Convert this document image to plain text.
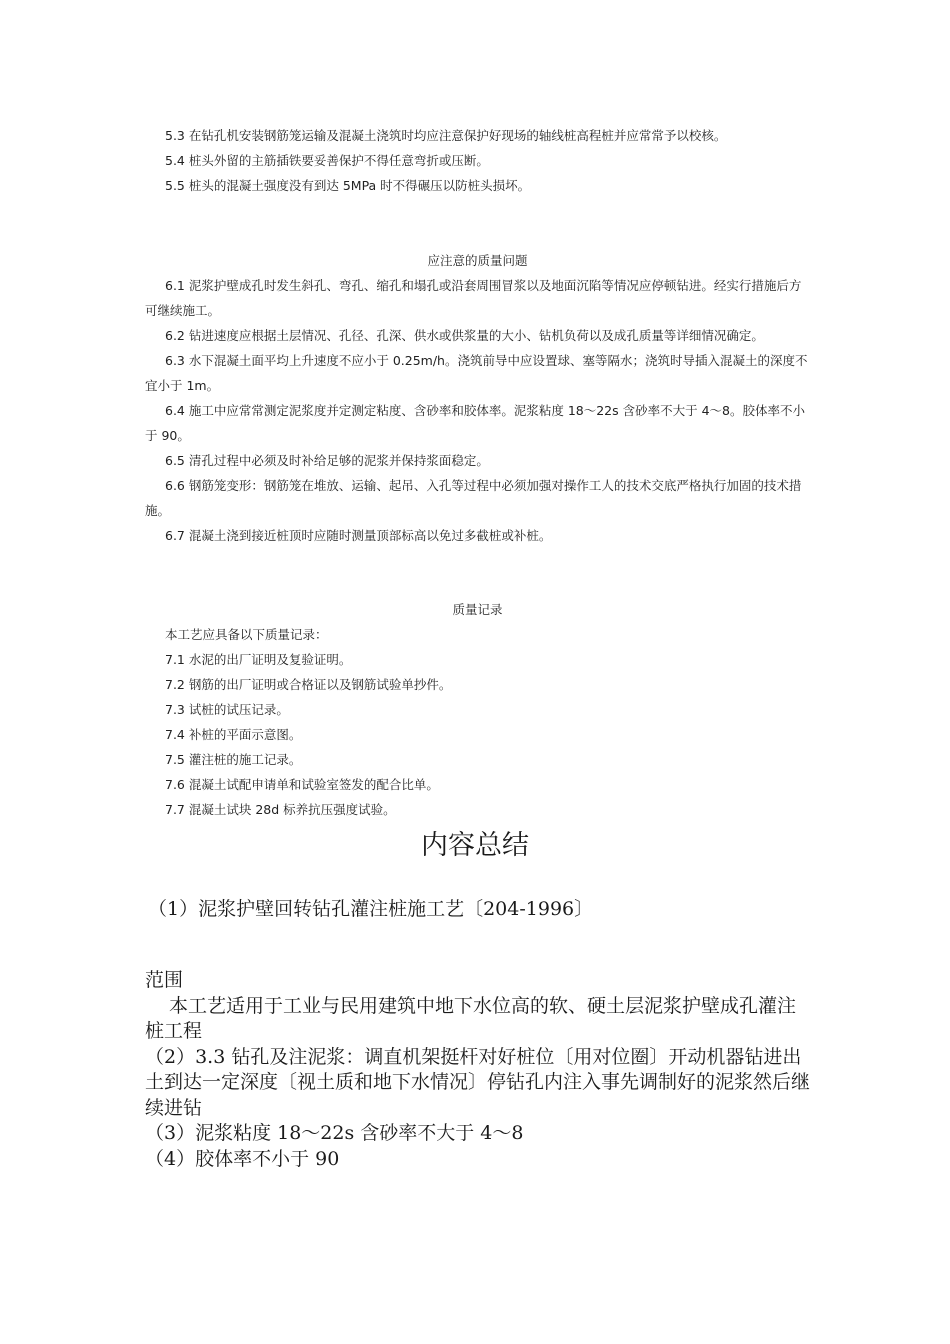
5.3 在钻孔机安装钢筋笼运输及混凝土浇筑时均应注意保护好现场的轴线桩高程桩并应常常予以校核。

5.4 桩头外留的主筋插铁要妥善保护不得任意弯折或压断。

5.5 桩头的混凝土强度没有到达 5MPa 时不得碾压以防桩头损坏。

应注意的质量问题

6.1 泥浆护壁成孔时发生斜孔、弯孔、缩孔和塌孔或沿套周围冒浆以及地面沉陷等情况应停顿钻进。经实行措施后方可继续施工。

6.2 钻进速度应根据土层情况、孔径、孔深、供水或供浆量的大小、钻机负荷以及成孔质量等详细情况确定。

6.3 水下混凝土面平均上升速度不应小于 0.25m/h。浇筑前导中应设置球、塞等隔水；浇筑时导插入混凝土的深度不宜小于 1m。

6.4 施工中应常常测定泥浆度并定测定粘度、含砂率和胶体率。泥浆粘度 18～22s 含砂率不大于 4～8。胶体率不小于 90。

6.5 清孔过程中必须及时补给足够的泥浆并保持浆面稳定。

6.6 钢筋笼变形：钢筋笼在堆放、运输、起吊、入孔等过程中必须加强对操作工人的技术交底严格执行加固的技术措施。

6.7 混凝土浇到接近桩顶时应随时测量顶部标高以免过多截桩或补桩。

质量记录

本工艺应具备以下质量记录：

7.1 水泥的出厂证明及复验证明。

7.2 钢筋的出厂证明或合格证以及钢筋试验单抄件。

7.3 试桩的试压记录。

7.4 补桩的平面示意图。

7.5 灌注桩的施工记录。

7.6 混凝土试配申请单和试验室签发的配合比单。

7.7 混凝土试块 28d 标养抗压强度试验。

内容总结
（1）泥浆护壁回转钻孔灌注桩施工艺〔204-1996〕

范围

本工艺适用于工业与民用建筑中地下水位高的软、硬土层泥浆护壁成孔灌注桩工程

（2）3.3 钻孔及注泥浆：调直机架挺杆对好桩位〔用对位圈〕开动机器钻进出土到达一定深度〔视土质和地下水情况〕停钻孔内注入事先调制好的泥浆然后继续进钻

（3）泥浆粘度 18～22s 含砂率不大于 4～8

（4）胶体率不小于 90
